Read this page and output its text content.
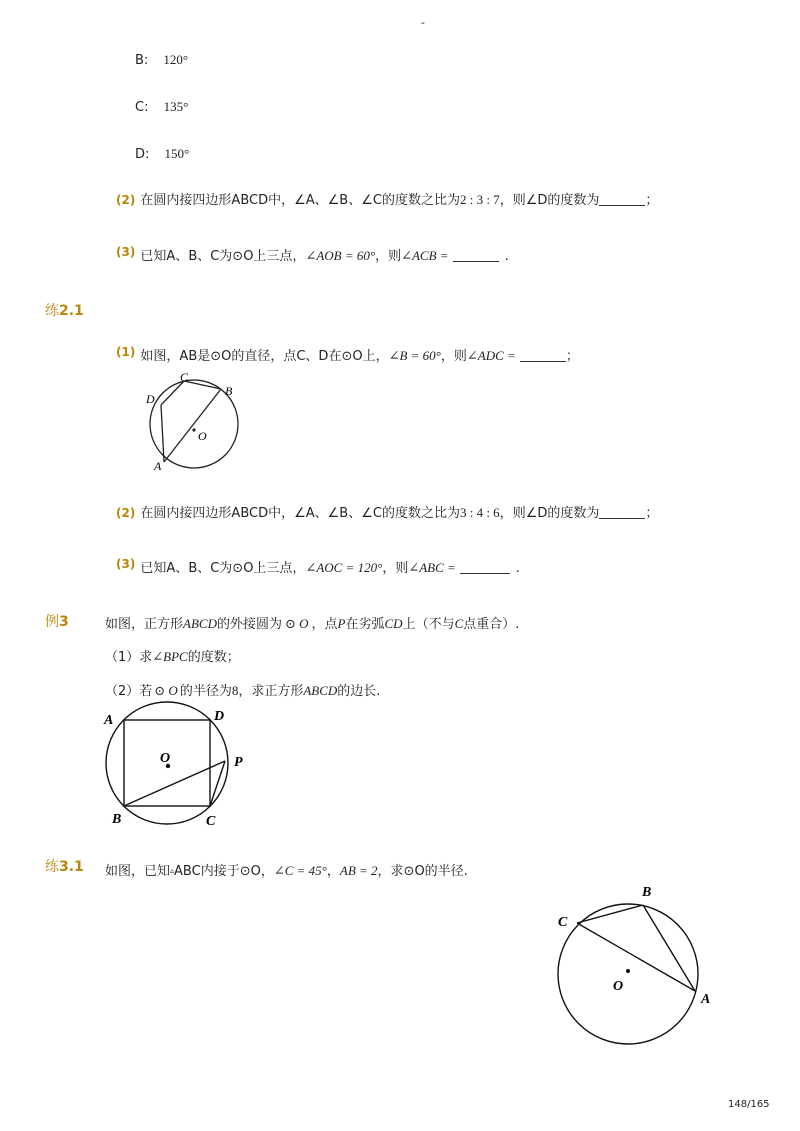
-
B: 120°
C: 135°
D: 150°
(2) 在圆内接四边形ABCD中，∠A、∠B、∠C的度数之比为2 : 3 : 7，则∠D的度数为	；
$^{(3)}$ 已知A、B、C为⊙O上三点，∠AOB = 60°，则∠ACB =	.
练2.1
$^{(1)}$ 如图，AB是⊙O的直径，点C、D在⊙O上，∠B = 60°，则∠ADC =	；
C
B
D
O
A
(2) 在圆内接四边形ABCD中，∠A、∠B、∠C的度数之比为3 : 4 : 6，则∠D的度数为	；
$^{(3)}$ 已知A、B、C为⊙O上三点，∠AOC = 120°，则∠ABC =	.
例3	如图，正方形ABCD的外接圆为 ⊙ O ，点P在劣弧CD上（不与C点重合）.
（1）求∠BPC的度数；
（2）若 ⊙ O 的半径为8，求正方形ABCD的边长.
A	D
O	P
B	C
练3.1 如图，已知▵ABC内接于⊙O，∠C = 45°，AB = 2，求⊙O的半径.
B
C
O
A
148/165
